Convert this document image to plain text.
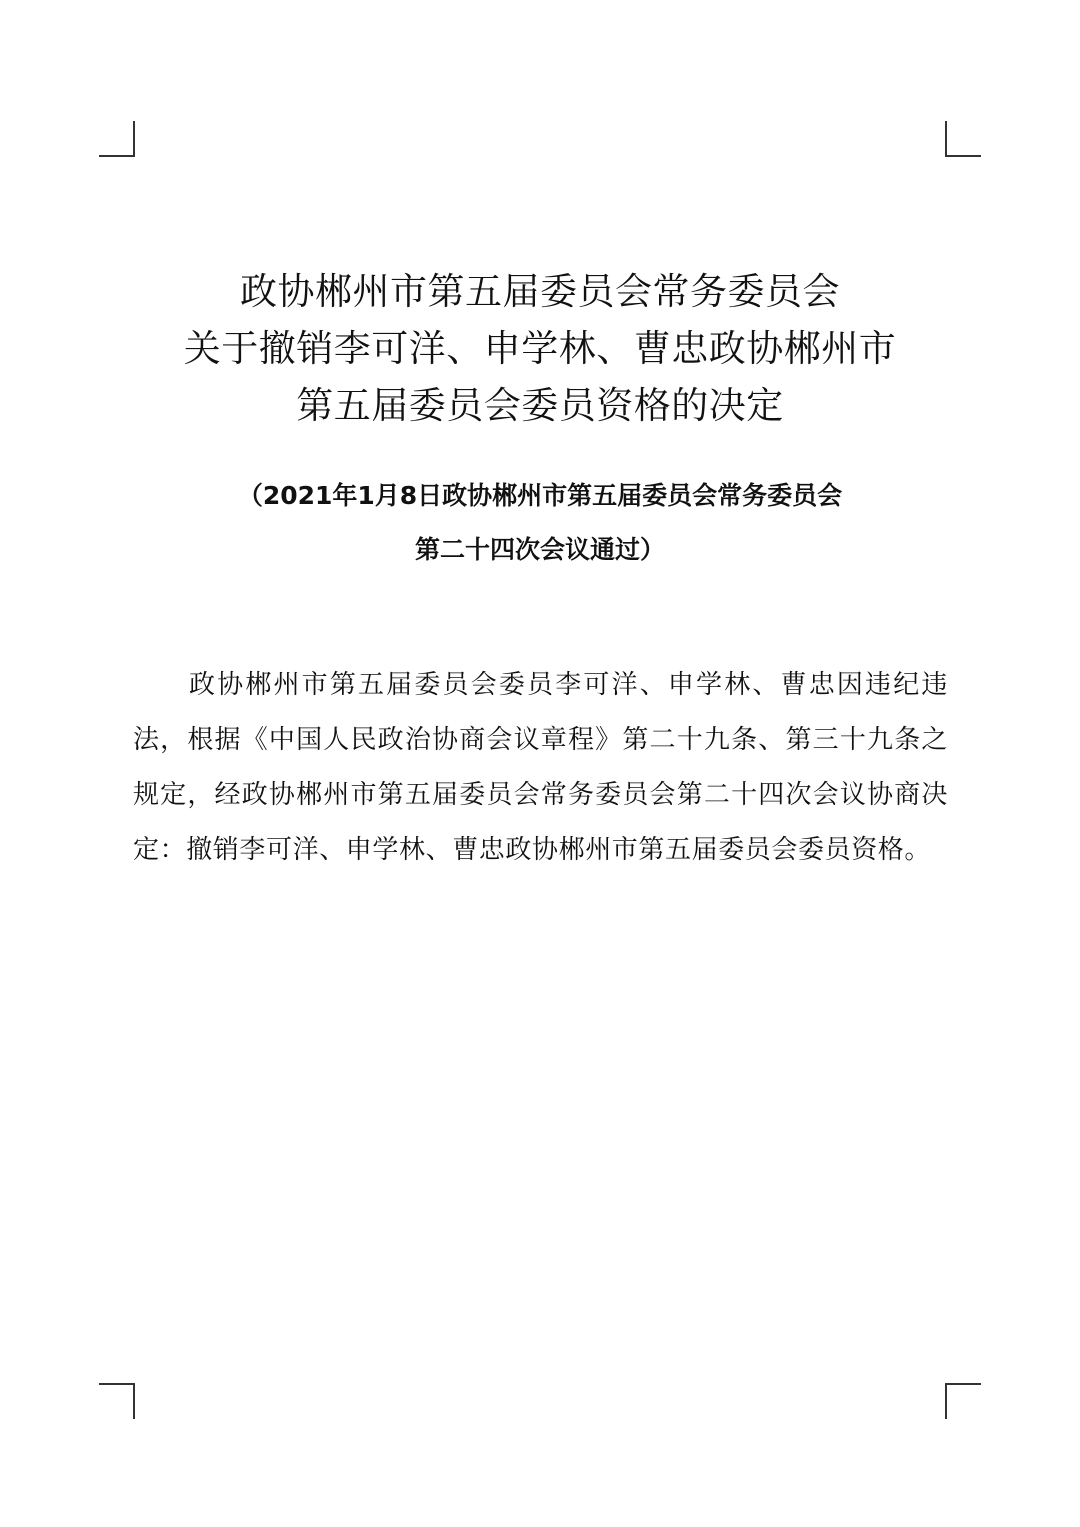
政协郴州市第五届委员会常务委员会
关于撤销李可洋、申学林、曹忠政协郴州市
第五届委员会委员资格的决定
（2021年1月8日政协郴州市第五届委员会常务委员会
第二十四次会议通过）

政协郴州市第五届委员会委员李可洋、申学林、曹忠因违纪违法，根据《中国人民政治协商会议章程》第二十九条、第三十九条之规定，经政协郴州市第五届委员会常务委员会第二十四次会议协商决定：撤销李可洋、申学林、曹忠政协郴州市第五届委员会委员资格。
